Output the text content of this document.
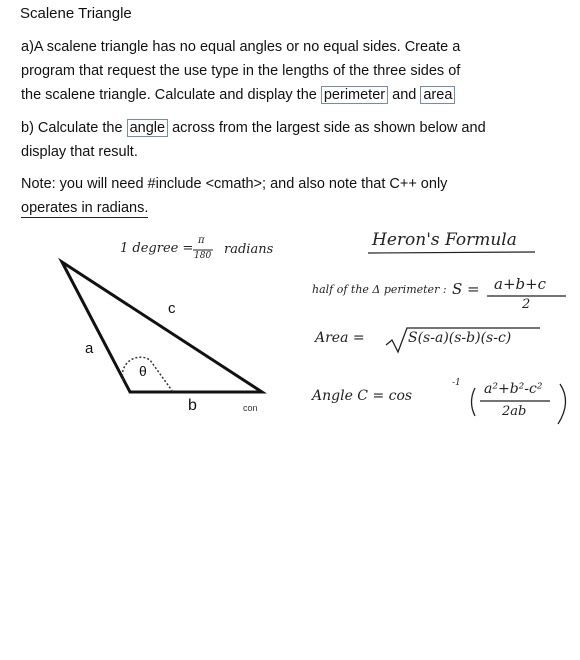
Scalene Triangle
a)A scalene triangle has no equal angles or no equal sides. Create a
program that request the use type in the lengths of the three sides of
the scalene triangle. Calculate and display the perimeter and area
b) Calculate the angle across from the largest side as shown below and
display that result.
Note: you will need #include <cmath>; and also note that C++ only
operates in radians.
c
a
θ
b	con
1 degree =
π
180 radians	Heron's Formula
half of the Δ perimeter : S = a+b+c
2
Area =	S(s-a)(s-b)(s-c)
Angle C = cos
-1 a²+b²-c²
2ab
